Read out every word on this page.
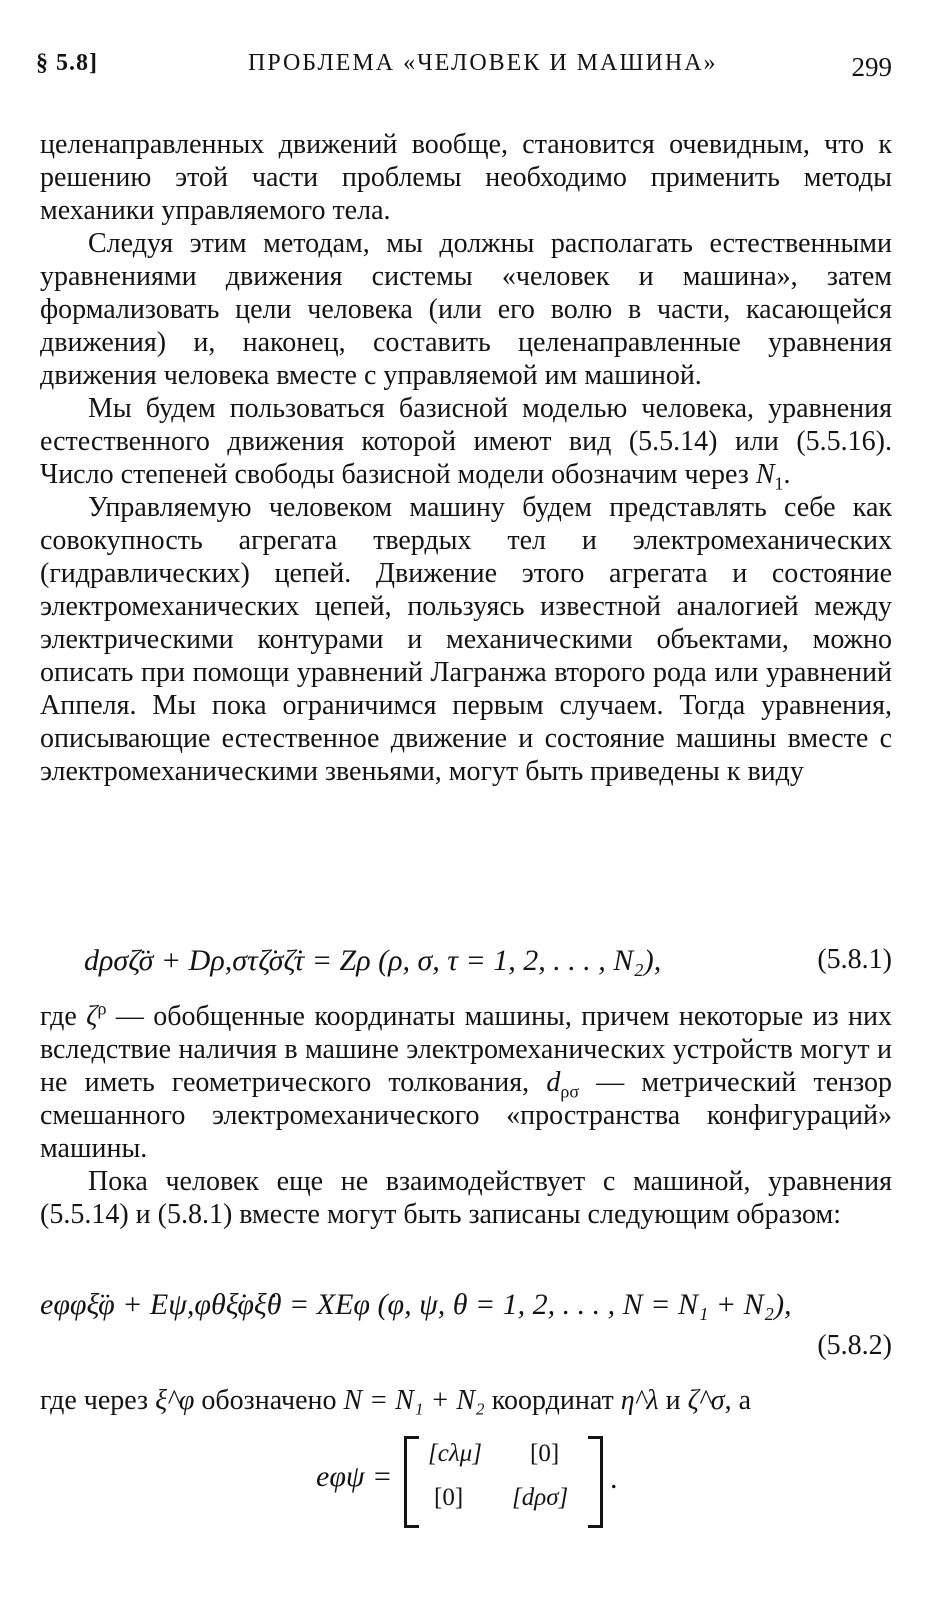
§ 5.8]	ПРОБЛЕМА «ЧЕЛОВЕК И МАШИНА»	299

целенаправленных движений вообще, становится очевидным, что к решению этой части проблемы необходимо применить методы механики управляемого тела.

Следуя этим методам, мы должны располагать естественными уравнениями движения системы «человек и машина», затем формализовать цели человека (или его волю в части, касающейся движения) и, наконец, составить целенаправленные уравнения движения человека вместе с управляемой им машиной.

Мы будем пользоваться базисной моделью человека, уравнения естественного движения которой имеют вид (5.5.14) или (5.5.16). Число степеней свободы базисной модели обозначим через $N_1$.

Управляемую человеком машину будем представлять себе как совокупность агрегата твердых тел и электромеханических (гидравлических) цепей. Движение этого агрегата и состояние электромеханических цепей, пользуясь известной аналогией между электрическими контурами и механическими объектами, можно описать при помощи уравнений Лагранжа второго рода или уравнений Аппеля. Мы пока ограничимся первым случаем. Тогда уравнения, описывающие естественное движение и состояние машины вместе с электромеханическими звеньями, могут быть приведены к виду

dρσζ̈σ + Dρ,στζ̇σζ̇τ = Zρ (ρ, σ, τ = 1, 2, . . . , N₂),	(5.8.1)

где $\zeta^\rho$ — обобщенные координаты машины, причем некоторые из них вследствие наличия в машине электромеханических устройств могут и не иметь геометрического толкования, $d_{\rho\sigma}$ — метрический тензор смешанного электромеханического «пространства конфигураций» машины.

Пока человек еще не взаимодействует с машиной, уравнения (5.5.14) и (5.8.1) вместе могут быть записаны следующим образом:

eφφξ̈φ + Eψ,φθξ̇φξ̇θ = XEφ (φ, ψ, θ = 1, 2, . . . , N = N₁ + N₂),
(5.8.2)

где через ξ^φ обозначено N = N₁ + N₂ координат η^λ и ζ^σ, а

eφψ =
[cλμ] [0]
[0] [dρσ]
.
